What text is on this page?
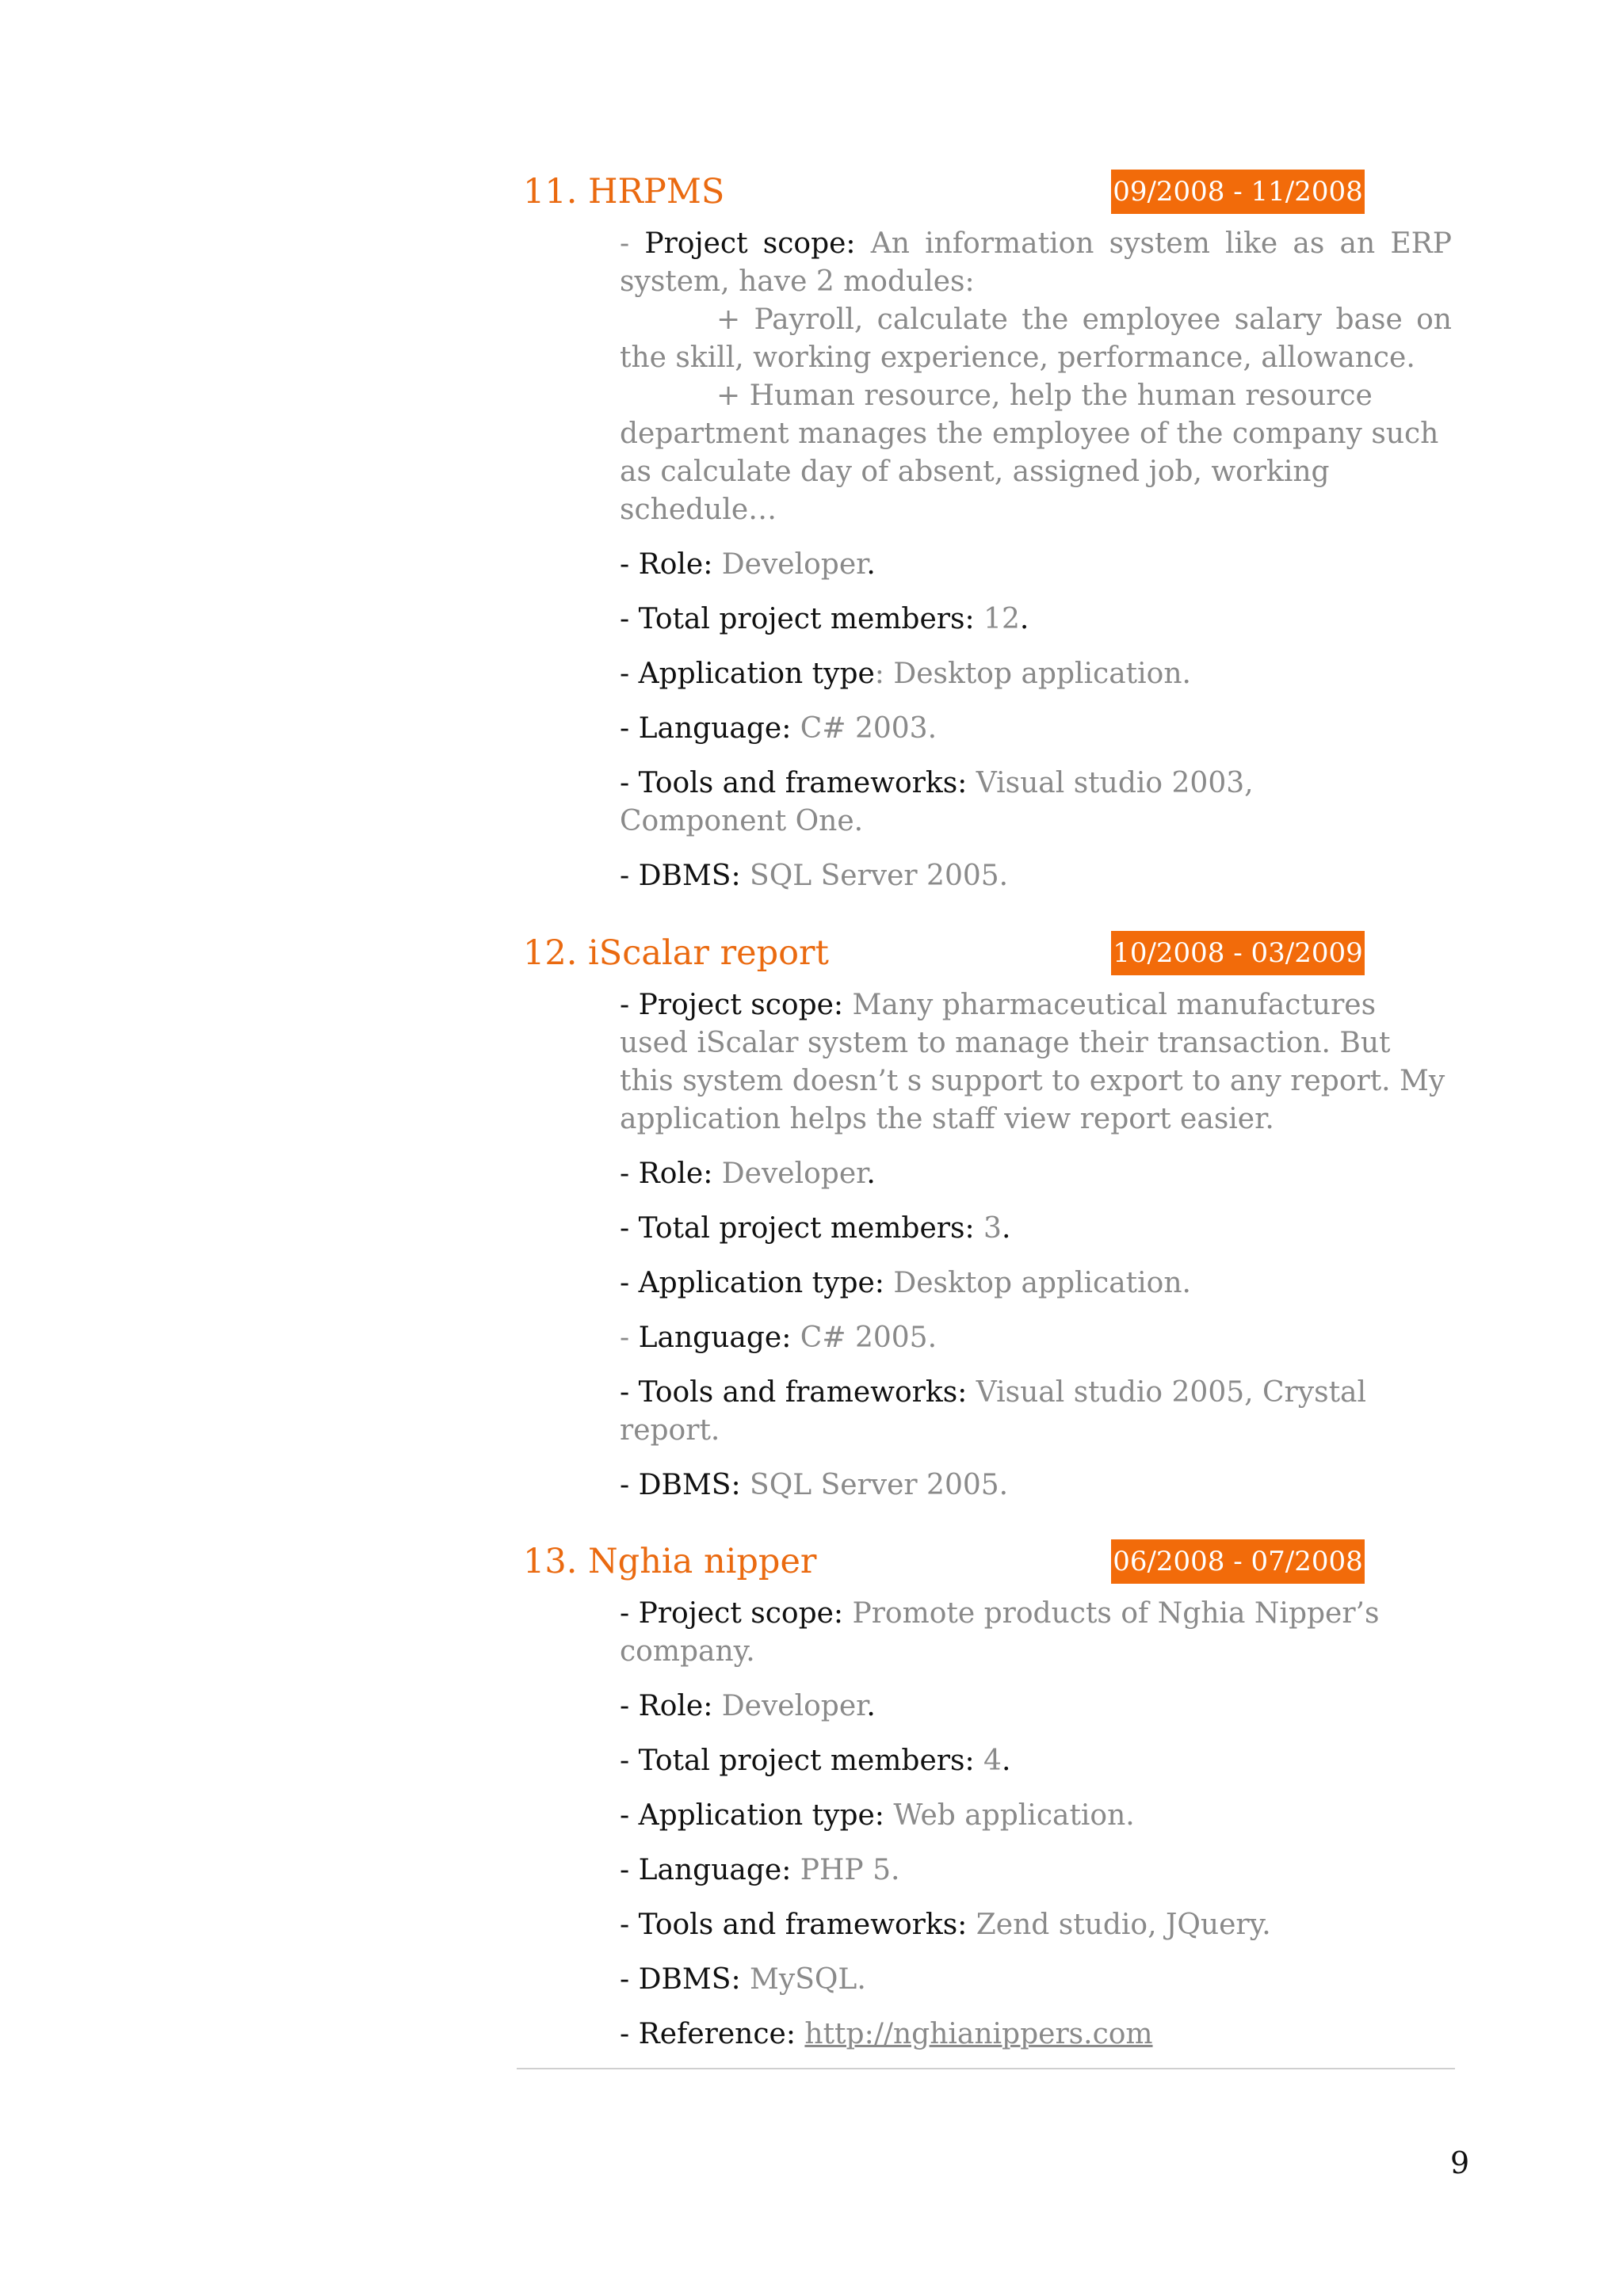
11. HRPMS	09/2008 - 11/2008

- Project scope: An information system like as an ERP system, have 2 modules:

+ Payroll, calculate the employee salary base on the skill, working experience, performance, allowance.

+ Human resource, help the human resource department manages the employee of the company such as calculate day of absent, assigned job, working schedule…

- Role: Developer.

- Total project members: 12.

- Application type: Desktop application.

- Language: C# 2003.

- Tools and frameworks: Visual studio 2003, Component One.

- DBMS: SQL Server 2005.

12. iScalar report	10/2008 - 03/2009

- Project scope: Many pharmaceutical manufactures used iScalar system to manage their transaction. But this system doesn’t s support to export to any report. My application helps the staff view report easier.

- Role: Developer.

- Total project members: 3.

- Application type: Desktop application.

- Language: C# 2005.

- Tools and frameworks: Visual studio 2005, Crystal report.

- DBMS: SQL Server 2005.

13. Nghia nipper	06/2008 - 07/2008

- Project scope: Promote products of Nghia Nipper’s company.

- Role: Developer.

- Total project members: 4.

- Application type: Web application.

- Language: PHP 5.

- Tools and frameworks: Zend studio, JQuery.

- DBMS: MySQL.

- Reference: http://nghianippers.com

9
